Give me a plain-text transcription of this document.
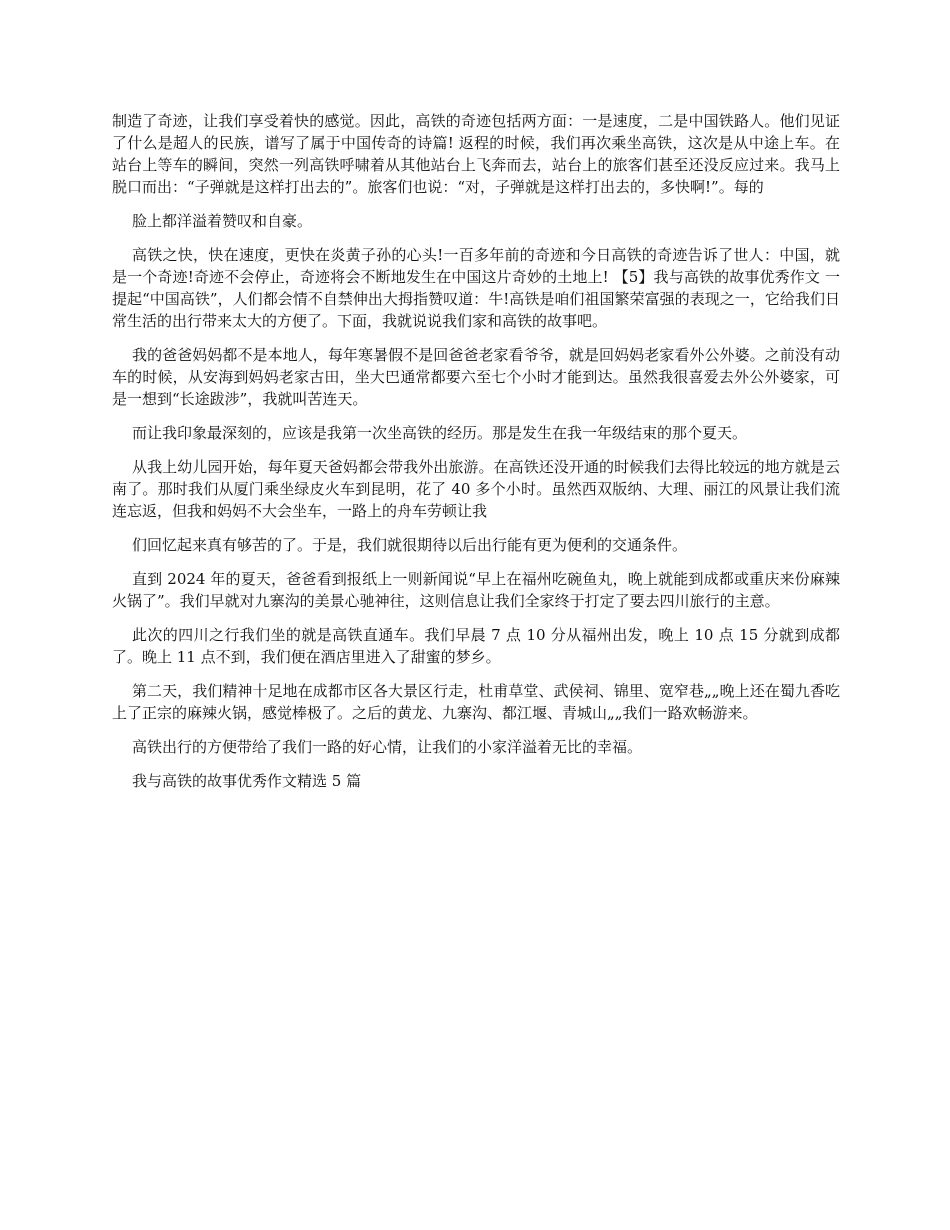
制造了奇迹，让我们享受着快的感觉。因此，高铁的奇迹包括两方面：一是速度，二是中国铁路人。他们见证了什么是超人的民族，谱写了属于中国传奇的诗篇! 返程的时候，我们再次乘坐高铁，这次是从中途上车。在站台上等车的瞬间，突然一列高铁呼啸着从其他站台上飞奔而去，站台上的旅客们甚至还没反应过来。我马上脱口而出：“子弹就是这样打出去的”。旅客们也说：“对，子弹就是这样打出去的，多快啊!”。每的

脸上都洋溢着赞叹和自豪。

高铁之快，快在速度，更快在炎黄子孙的心头!一百多年前的奇迹和今日高铁的奇迹告诉了世人：中国，就是一个奇迹!奇迹不会停止，奇迹将会不断地发生在中国这片奇妙的土地上! 【5】我与高铁的故事优秀作文 一提起“中国高铁”，人们都会情不自禁伸出大拇指赞叹道：牛!高铁是咱们祖国繁荣富强的表现之一，它给我们日常生活的出行带来太大的方便了。下面，我就说说我们家和高铁的故事吧。

我的爸爸妈妈都不是本地人，每年寒暑假不是回爸爸老家看爷爷，就是回妈妈老家看外公外婆。之前没有动车的时候，从安海到妈妈老家古田，坐大巴通常都要六至七个小时才能到达。虽然我很喜爱去外公外婆家，可是一想到“长途跋涉”，我就叫苦连天。

而让我印象最深刻的，应该是我第一次坐高铁的经历。那是发生在我一年级结束的那个夏天。

从我上幼儿园开始，每年夏天爸妈都会带我外出旅游。在高铁还没开通的时候我们去得比较远的地方就是云南了。那时我们从厦门乘坐绿皮火车到昆明，花了 40 多个小时。虽然西双版纳、大理、丽江的风景让我们流连忘返，但我和妈妈不大会坐车，一路上的舟车劳顿让我

们回忆起来真有够苦的了。于是，我们就很期待以后出行能有更为便利的交通条件。

直到 2024 年的夏天，爸爸看到报纸上一则新闻说“早上在福州吃碗鱼丸，晚上就能到成都或重庆来份麻辣火锅了”。我们早就对九寨沟的美景心驰神往，这则信息让我们全家终于打定了要去四川旅行的主意。

此次的四川之行我们坐的就是高铁直通车。我们早晨 7 点 10 分从福州出发，晚上 10 点 15 分就到成都了。晚上 11 点不到，我们便在酒店里进入了甜蜜的梦乡。

第二天，我们精神十足地在成都市区各大景区行走，杜甫草堂、武侯祠、锦里、宽窄巷„„晚上还在蜀九香吃上了正宗的麻辣火锅，感觉棒极了。之后的黄龙、九寨沟、都江堰、青城山„„我们一路欢畅游来。

高铁出行的方便带给了我们一路的好心情，让我们的小家洋溢着无比的幸福。

我与高铁的故事优秀作文精选 5 篇
